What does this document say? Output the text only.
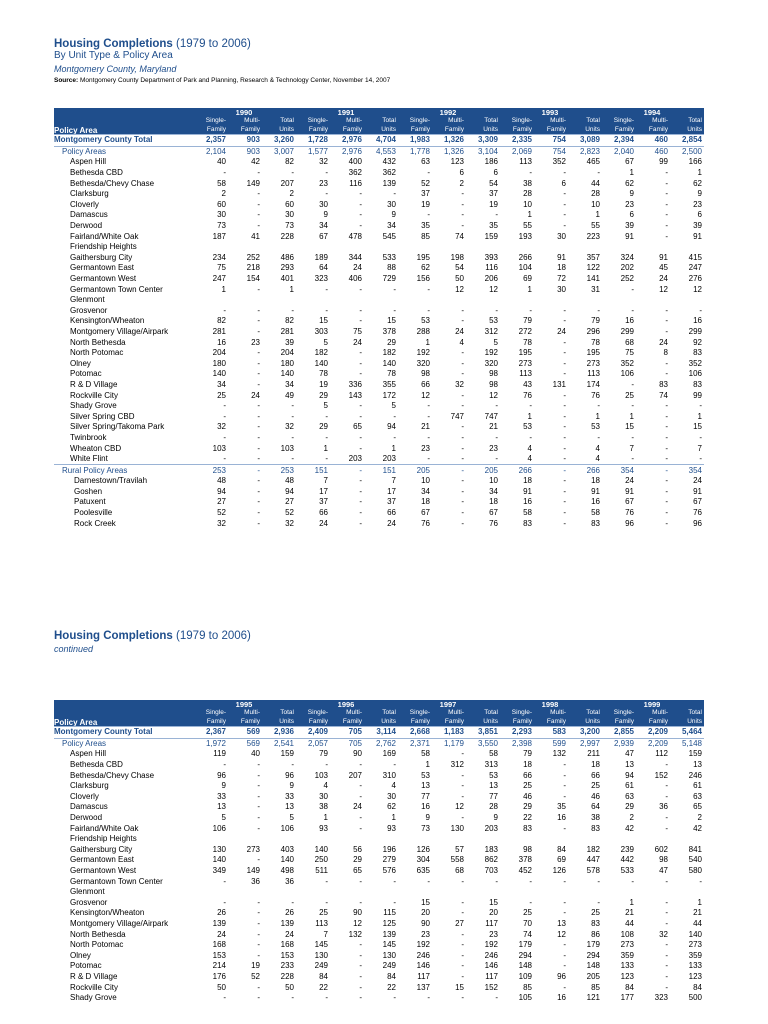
Housing Completions (1979 to 2006)
By Unit Type & Policy Area
Montgomery County, Maryland
Source: Montgomery County Department of Park and Planning, Research & Technology Center, November 14, 2007
	1990			1991			1992			1993			1994		
	Single-	Multi-	Total	Single-	Multi-	Total	Single-	Multi-	Total	Single-	Multi-	Total	Single-	Multi-	Total
Policy Area	Family	Family	Units	Family	Family	Units	Family	Family	Units	Family	Family	Units	Family	Family	Units
Montgomery County Total	2,357	903	3,260	1,728	2,976	4,704	1,983	1,326	3,309	2,335	754	3,089	2,394	460	2,854
Policy Areas	2,104	903	3,007	1,577	2,976	4,553	1,778	1,326	3,104	2,069	754	2,823	2,040	460	2,500
Aspen Hill	40	42	82	32	400	432	63	123	186	113	352	465	67	99	166
Bethesda CBD	-	-	-	-	362	362	-	6	6	-	-	-	1	-	1
Bethesda/Chevy Chase	58	149	207	23	116	139	52	2	54	38	6	44	62	-	62
Clarksburg	2	-	2	-	-	-	37	-	37	28	-	28	9	-	9
Cloverly	60	-	60	30	-	30	19	-	19	10	-	10	23	-	23
Damascus	30	-	30	9	-	9	-	-	-	1	-	1	6	-	6
Derwood	73	-	73	34	-	34	35	-	35	55	-	55	39	-	39
Fairland/White Oak	187	41	228	67	478	545	85	74	159	193	30	223	91	-	91
Friendship Heights															
Gaithersburg City	234	252	486	189	344	533	195	198	393	266	91	357	324	91	415
Germantown East	75	218	293	64	24	88	62	54	116	104	18	122	202	45	247
Germantown West	247	154	401	323	406	729	156	50	206	69	72	141	252	24	276
Germantown Town Center	1	-	1	-	-	-	-	12	12	1	30	31	-	12	12
Glenmont															
Grosvenor	-	-	-	-	-	-	-	-	-	-	-	-	-	-	-
Kensington/Wheaton	82	-	82	15	-	15	53	-	53	79	-	79	16	-	16
Montgomery Village/Airpark	281	-	281	303	75	378	288	24	312	272	24	296	299	-	299
North Bethesda	16	23	39	5	24	29	1	4	5	78	-	78	68	24	92
North Potomac	204	-	204	182	-	182	192	-	192	195	-	195	75	8	83
Olney	180	-	180	140	-	140	320	-	320	273	-	273	352	-	352
Potomac	140	-	140	78	-	78	98	-	98	113	-	113	106	-	106
R & D Village	34	-	34	19	336	355	66	32	98	43	131	174	-	83	83
Rockville City	25	24	49	29	143	172	12	-	12	76	-	76	25	74	99
Shady Grove	-	-	-	5	-	5	-	-	-	-	-	-	-	-	-
Silver Spring CBD	-	-	-	-	-	-	-	747	747	1	-	1	1	-	1
Silver Spring/Takoma Park	32	-	32	29	65	94	21	-	21	53	-	53	15	-	15
Twinbrook	-	-	-	-	-	-	-	-	-	-	-	-	-	-	-
Wheaton CBD	103	-	103	1	-	1	23	-	23	4	-	4	7	-	7
White Flint	-	-	-	-	203	203	-	-	-	4	-	4	-	-	-
Rural Policy Areas	253	-	253	151	-	151	205	-	205	266	-	266	354	-	354
Darnestown/Travilah	48	-	48	7	-	7	10	-	10	18	-	18	24	-	24
Goshen	94	-	94	17	-	17	34	-	34	91	-	91	91	-	91
Patuxent	27	-	27	37	-	37	18	-	18	16	-	16	67	-	67
Poolesville	52	-	52	66	-	66	67	-	67	58	-	58	76	-	76
Rock Creek	32	-	32	24	-	24	76	-	76	83	-	83	96	-	96
Housing Completions (1979 to 2006)
continued
	1995			1996			1997			1998			1999		
	Single-	Multi-	Total	Single-	Multi-	Total	Single-	Multi-	Total	Single-	Multi-	Total	Single-	Multi-	Total
Policy Area	Family	Family	Units	Family	Family	Units	Family	Family	Units	Family	Family	Units	Family	Family	Units
Montgomery County Total	2,367	569	2,936	2,409	705	3,114	2,668	1,183	3,851	2,293	583	3,200	2,855	2,209	5,464
Policy Areas	1,972	569	2,541	2,057	705	2,762	2,371	1,179	3,550	2,398	599	2,997	2,939	2,209	5,148
Aspen Hill	119	40	159	79	90	169	58	-	58	79	132	211	47	112	159
Bethesda CBD	-	-	-	-	-	-	1	312	313	18	-	18	13	-	13
Bethesda/Chevy Chase	96	-	96	103	207	310	53	-	53	66	-	66	94	152	246
Clarksburg	9	-	9	4	-	4	13	-	13	25	-	25	61	-	61
Cloverly	33	-	33	30	-	30	77	-	77	46	-	46	63	-	63
Damascus	13	-	13	38	24	62	16	12	28	29	35	64	29	36	65
Derwood	5	-	5	1	-	1	9	-	9	22	16	38	2	-	2
Fairland/White Oak	106	-	106	93	-	93	73	130	203	83	-	83	42	-	42
Friendship Heights															
Gaithersburg City	130	273	403	140	56	196	126	57	183	98	84	182	239	602	841
Germantown East	140	-	140	250	29	279	304	558	862	378	69	447	442	98	540
Germantown West	349	149	498	511	65	576	635	68	703	452	126	578	533	47	580
Germantown Town Center	-	36	36	-	-	-	-	-	-	-	-	-	-	-	-
Glenmont															
Grosvenor	-	-	-	-	-	-	15	-	15	-	-	-	1	-	1
Kensington/Wheaton	26	-	26	25	90	115	20	-	20	25	-	25	21	-	21
Montgomery Village/Airpark	139	-	139	113	12	125	90	27	117	70	13	83	44	-	44
North Bethesda	24	-	24	7	132	139	23	-	23	74	12	86	108	32	140
North Potomac	168	-	168	145	-	145	192	-	192	179	-	179	273	-	273
Olney	153	-	153	130	-	130	246	-	246	294	-	294	359	-	359
Potomac	214	19	233	249	-	249	146	-	146	148	-	148	133	-	133
R & D Village	176	52	228	84	-	84	117	-	117	109	96	205	123	-	123
Rockville City	50	-	50	22	-	22	137	15	152	85	-	85	84	-	84
Shady Grove	-	-	-	-	-	-	-	-	-	105	16	121	177	323	500
